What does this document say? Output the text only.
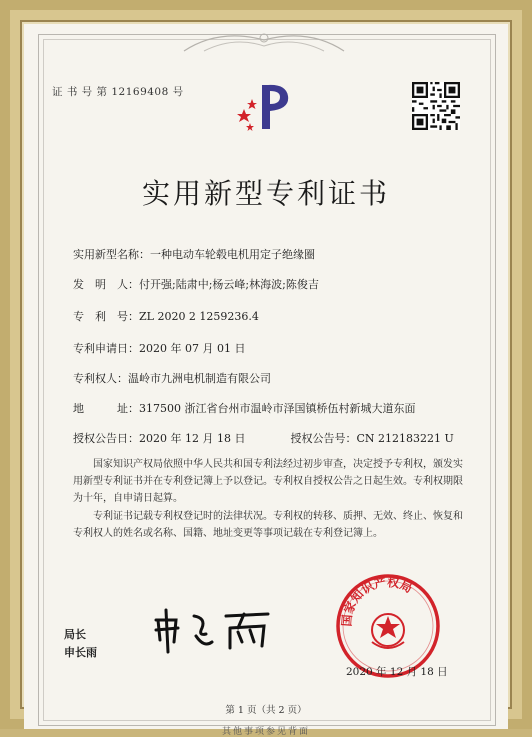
证 书 号 第 12169408 号
实用新型专利证书
实用新型名称：一种电动车轮毂电机用定子绝缘圈
发　明　人：付开强;陆肃中;杨云峰;林海波;陈俊吉
专　利　号：ZL 2020 2 1259236.4
专利申请日：2020 年 07 月 01 日
专利权人：温岭市九洲电机制造有限公司
地　　　址：317500 浙江省台州市温岭市泽国镇桥伍村新城大道东面
授权公告日：2020 年 12 月 18 日	授权公告号：CN 212183221 U
国家知识产权局依照中华人民共和国专利法经过初步审查，决定授予专利权，颁发实用新型专利证书并在专利登记簿上予以登记。专利权自授权公告之日起生效。专利权期限为十年，自申请日起算。
专利证书记载专利权登记时的法律状况。专利权的转移、质押、无效、终止、恢复和专利权人的姓名或名称、国籍、地址变更等事项记载在专利登记簿上。
局长
申长雨
国家知识产权局
2020 年 12 月 18 日
第 1 页（共 2 页）
其他事项参见背面
